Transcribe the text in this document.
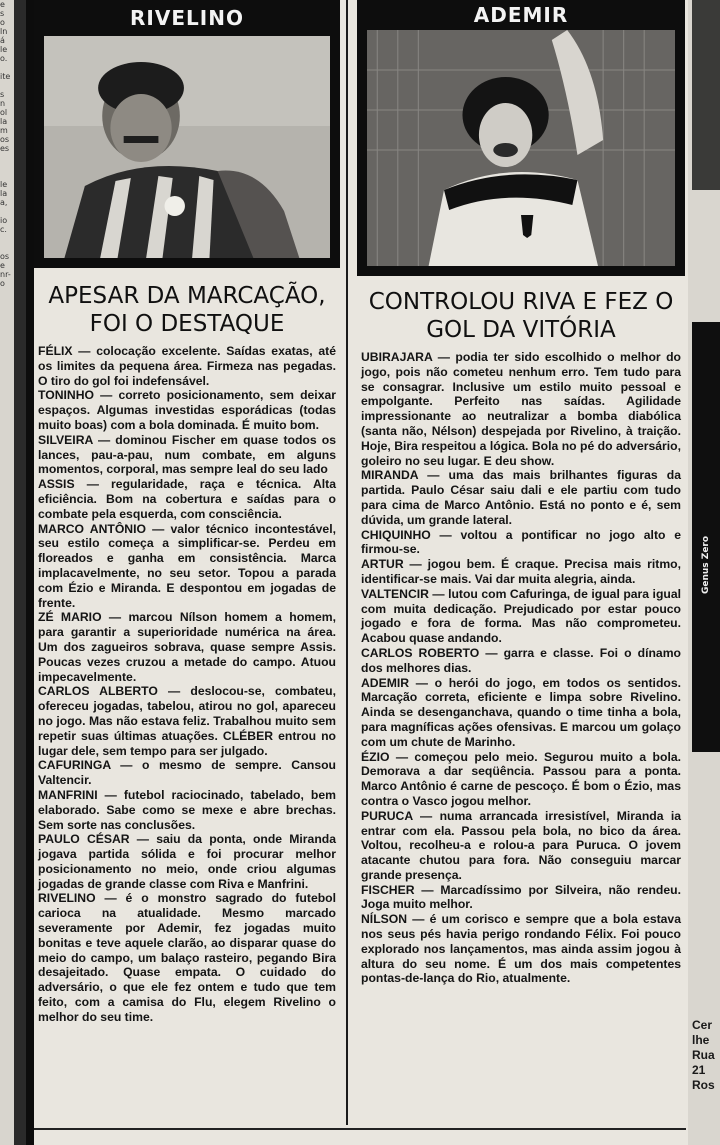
e
s
o
ln
á
le
o.

ite

s
n
ol
la
m
os
es

le
la
a,

io
c.

os
e
nr-
o
RIVELINO
APESAR DA MARCAÇÃO, FOI O DESTAQUE

FÉLIX — colocação excelente. Saídas exatas, até os limites da pequena área. Firmeza nas pegadas. O tiro do gol foi indefensável.

TONINHO — correto posicionamento, sem deixar espaços. Algumas investidas esporádicas (todas muito boas) com a bola dominada. É muito bom.

SILVEIRA — dominou Fischer em quase todos os lances, pau-a-pau, num combate, em alguns momentos, corporal, mas sempre leal do seu lado

ASSIS — regularidade, raça e técnica. Alta eficiência. Bom na cobertura e saídas para o combate pela esquerda, com consciência.

MARCO ANTÔNIO — valor técnico incontestável, seu estilo começa a simplificar-se. Perdeu em floreados e ganha em consistência. Marca implacavelmente, no seu setor. Topou a parada com Ézio e Miranda. E despontou em jogadas de frente.

ZÉ MARIO — marcou Nílson homem a homem, para garantir a superioridade numérica na área. Um dos zagueiros sobrava, quase sempre Assis. Poucas vezes cruzou a metade do campo. Atuou impecavelmente.

CARLOS ALBERTO — deslocou-se, combateu, ofereceu jogadas, tabelou, atirou no gol, apareceu no jogo. Mas não estava feliz. Trabalhou muito sem repetir suas últimas atuações. CLÉBER entrou no lugar dele, sem tempo para ser julgado.

CAFURINGA — o mesmo de sempre. Cansou Valtencir.

MANFRINI — futebol raciocinado, tabelado, bem elaborado. Sabe como se mexe e abre brechas. Sem sorte nas conclusões.

PAULO CÉSAR — saiu da ponta, onde Miranda jogava partida sólida e foi procurar melhor posicionamento no meio, onde criou algumas jogadas de grande classe com Riva e Manfrini.

RIVELINO — é o monstro sagrado do futebol carioca na atualidade. Mesmo marcado severamente por Ademir, fez jogadas muito bonitas e teve aquele clarão, ao disparar quase do meio do campo, um balaço rasteiro, pegando Bira desajeitado. Quase empata. O cuidado do adversário, o que ele fez ontem e tudo que tem feito, com a camisa do Flu, elegem Rivelino o melhor do seu time.

ADEMIR
CONTROLOU RIVA E FEZ O GOL DA VITÓRIA

UBIRAJARA — podia ter sido escolhido o melhor do jogo, pois não cometeu nenhum erro. Tem tudo para se consagrar. Inclusive um estilo muito pessoal e empolgante. Perfeito nas saídas. Agilidade impressionante ao neutralizar a bomba diabólica (santa não, Nélson) despejada por Rivelino, à traição. Hoje, Bira respeitou a lógica. Bola no pé do adversário, goleiro no seu lugar. E deu show.

MIRANDA — uma das mais brilhantes figuras da partida. Paulo César saiu dali e ele partiu com tudo para cima de Marco Antônio. Está no ponto e é, sem dúvida, um grande lateral.

CHIQUINHO — voltou a pontificar no jogo alto e firmou-se.

ARTUR — jogou bem. É craque. Precisa mais ritmo, identificar-se mais. Vai dar muita alegria, ainda.

VALTENCIR — lutou com Cafuringa, de igual para igual com muita dedicação. Prejudicado por estar pouco jogado e fora de forma. Mas não comprometeu. Acabou quase andando.

CARLOS ROBERTO — garra e classe. Foi o dínamo dos melhores dias.

ADEMIR — o herói do jogo, em todos os sentidos. Marcação correta, eficiente e limpa sobre Rivelino. Ainda se desenganchava, quando o time tinha a bola, para magníficas ações ofensivas. E marcou um golaço com um chute de Marinho.

ÉZIO — começou pelo meio. Segurou muito a bola. Demorava a dar seqüência. Passou para a ponta. Marco Antônio é carne de pescoço. É bom o Ézio, mas contra o Vasco jogou melhor.

PURUCA — numa arrancada irresistível, Miranda ia entrar com ela. Passou pela bola, no bico da área. Voltou, recolheu-a e rolou-a para Puruca. O jovem atacante chutou para fora. Não conseguiu marcar grande presença.

FISCHER — Marcadíssimo por Silveira, não rendeu. Joga muito melhor.

NÍLSON — é um corisco e sempre que a bola estava nos seus pés havia perigo rondando Félix. Foi pouco explorado nos lançamentos, mas ainda assim jogou à altura do seu nome. É um dos mais competentes pontas-de-lança do Rio, atualmente.

Genus Zero
Cer
lhe
Rua
21
Ros
